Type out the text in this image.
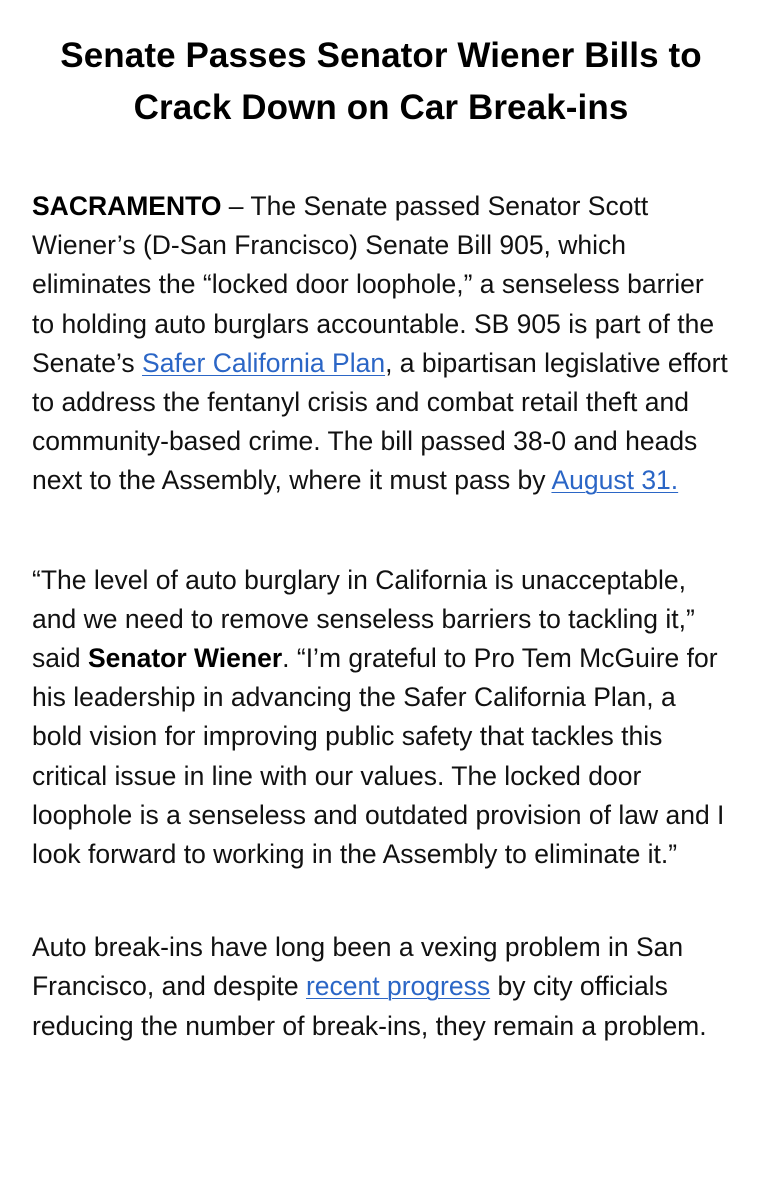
Senate Passes Senator Wiener Bills to
Crack Down on Car Break-ins

SACRAMENTO – The Senate passed Senator Scott Wiener’s (D-San Francisco) Senate Bill 905, which eliminates the “locked door loophole,” a senseless barrier to holding auto burglars accountable. SB 905 is part of the Senate’s Safer California Plan, a bipartisan legislative effort to address the fentanyl crisis and combat retail theft and community-based crime. The bill passed 38-0 and heads next to the Assembly, where it must pass by August 31.

“The level of auto burglary in California is unacceptable, and we need to remove senseless barriers to tackling it,” said Senator Wiener. “I’m grateful to Pro Tem McGuire for his leadership in advancing the Safer California Plan, a bold vision for improving public safety that tackles this critical issue in line with our values. The locked door loophole is a senseless and outdated provision of law and I look forward to working in the Assembly to eliminate it.”

Auto break-ins have long been a vexing problem in San Francisco, and despite recent progress by city officials reducing the number of break-ins, they remain a problem.
